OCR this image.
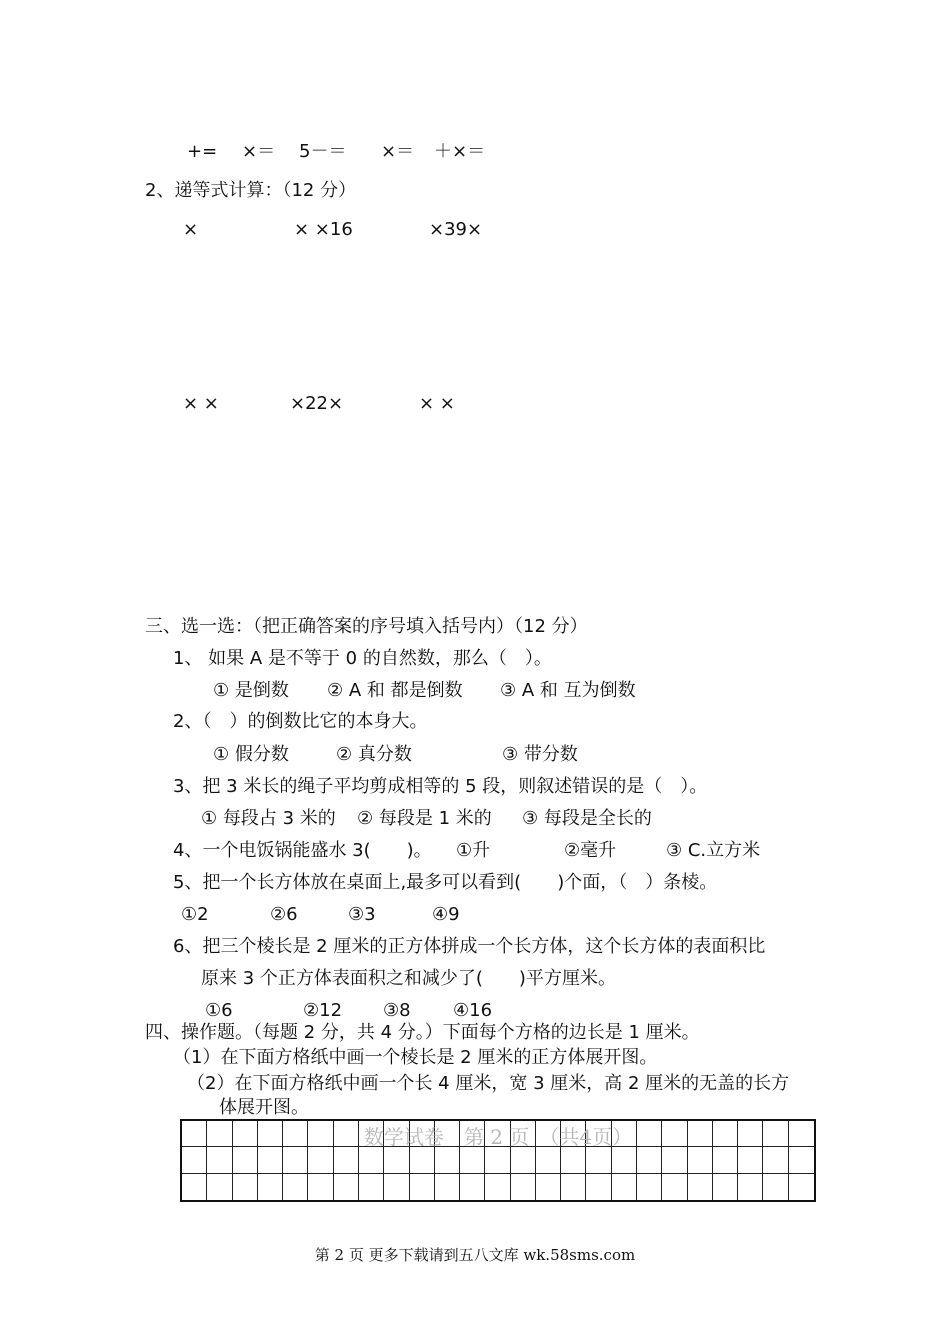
+= ×＝ 5－＝ ×＝ ＋×＝
2、递等式计算：（12 分）
×	× ×16	×39×
× ×	×22×	× ×
三、选一选：（把正确答案的序号填入括号内）（12 分）
1、 如果 A 是不等于 0 的自然数，那么（　）。
① 是倒数 ② A 和 都是倒数 ③ A 和 互为倒数
2、（　）的倒数比它的本身大。
① 假分数	② 真分数	③ 带分数
3、把 3 米长的绳子平均剪成相等的 5 段，则叙述错误的是（　）。
① 每段占 3 米的 ② 每段是 1 米的 ③ 每段是全长的
4、一个电饭锅能盛水 3(　　)。 ①升	②毫升	③ C.立方米
5、把一个长方体放在桌面上,最多可以看到(　　)个面，（　）条棱。
①2	②6	③3	④9
6、把三个棱长是 2 厘米的正方体拼成一个长方体，这个长方体的表面积比
原来 3 个正方体表面积之和减少了(　　)平方厘米。
①6	②12 ③8 ④16
四、操作题。（每题 2 分，共 4 分。）下面每个方格的边长是 1 厘米。
（1）在下面方格纸中画一个棱长是 2 厘米的正方体展开图。
（2）在下面方格纸中画一个长 4 厘米，宽 3 厘米，高 2 厘米的无盖的长方
体展开图。
数学试卷　第 2 页　（共4页）
第 2 页 更多下载请到五八文库 wk.58sms.com
